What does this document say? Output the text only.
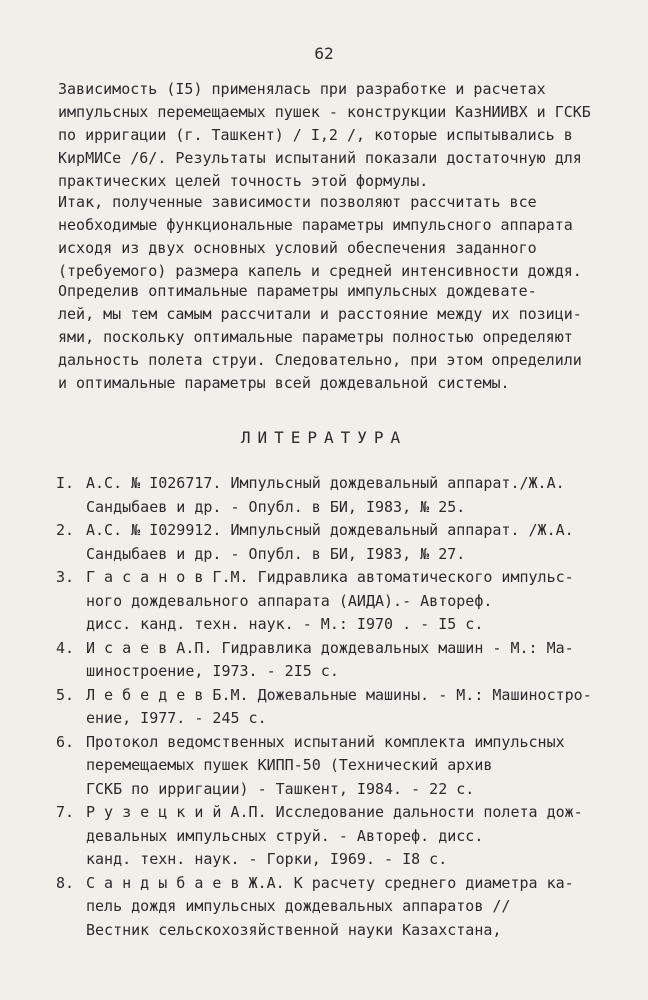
62

Зависимость (I5) применялась при разработке и расчетах
импульсных перемещаемых пушек - конструкции КазНИИВХ и ГСКБ
по ирригации (г. Ташкент) / I,2 /, которые испытывались в
КирМИСе /6/. Результаты испытаний показали достаточную для
практических целей точность этой формулы.

Итак, полученные зависимости позволяют рассчитать все
необходимые функциональные параметры импульсного аппарата
исходя из двух основных условий обеспечения заданного
(требуемого) размера капель и средней интенсивности дождя.

Определив оптимальные параметры импульсных дождевате-
лей, мы тем самым рассчитали и расстояние между их позици-
ями, поскольку оптимальные параметры полностью определяют
дальность полета струи. Следовательно, при этом определили
и оптимальные параметры всей дождевальной системы.

ЛИТЕРАТУРА
I. А.С. № I026717. Импульсный дождевальный аппарат./Ж.А.
Сандыбаев и др. - Опубл. в БИ, I983, № 25.
2. А.С. № I029912. Импульсный дождевальный аппарат. /Ж.А.
Сандыбаев и др. - Опубл. в БИ, I983, № 27.
3. Г а с а н о в Г.М. Гидравлика автоматического импульс-
ного дождевального аппарата (АИДА).- Автореф.
дисс. канд. техн. наук. - М.: I970 . - I5 с.
4. И с а е в А.П. Гидравлика дождевальных машин - М.: Ма-
шиностроение, I973. - 2I5 с.
5. Л е б е д е в Б.М. Дожевальные машины. - М.: Машиностро-
ение, I977. - 245 с.
6. Протокол ведомственных испытаний комплекта импульсных
перемещаемых пушек КИПП-50 (Технический архив
ГСКБ по ирригации) - Ташкент, I984. - 22 с.
7. Р у з е ц к и й А.П. Исследование дальности полета дож-
девальных импульсных струй. - Автореф. дисс.
канд. техн. наук. - Горки, I969. - I8 с.
8. С а н д ы б а е в Ж.А. К расчету среднего диаметра ка-
пель дождя импульсных дождевальных аппаратов //
Вестник сельскохозяйственной науки Казахстана,
